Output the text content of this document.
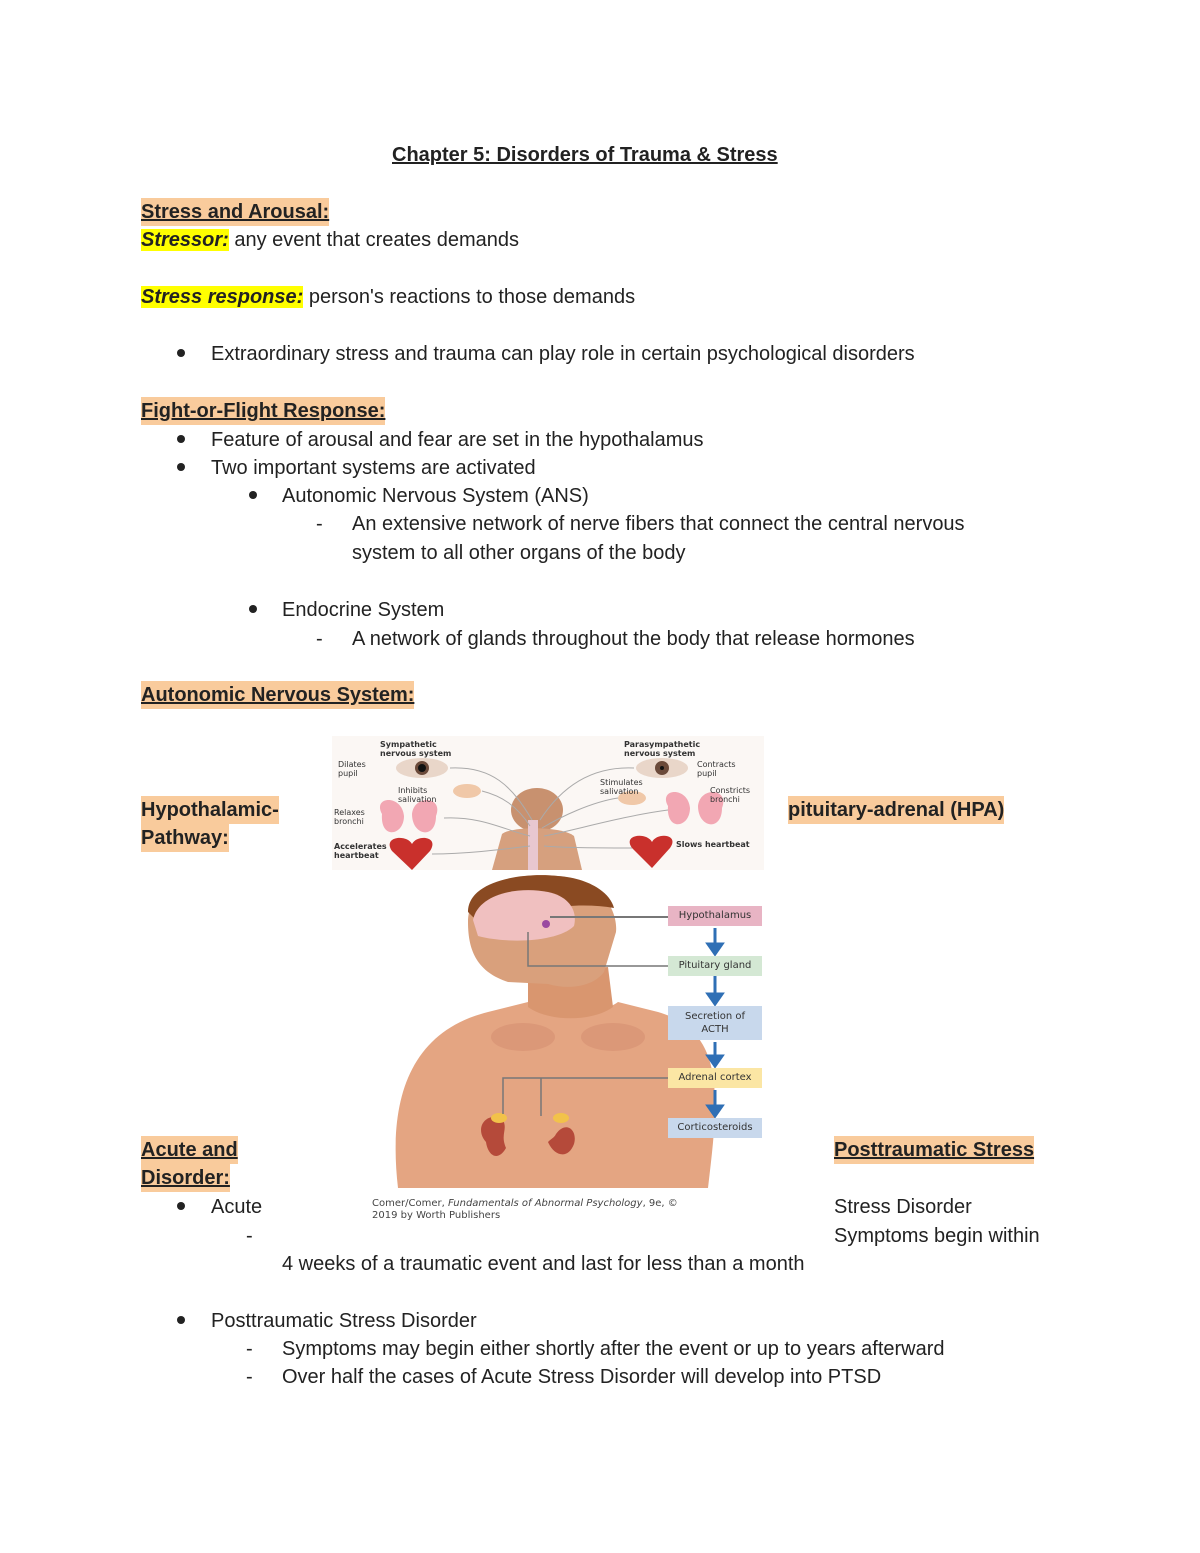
Chapter 5: Disorders of Trauma & Stress
Stress and Arousal:
Stressor: any event that creates demands
Stress response: person's reactions to those demands
Extraordinary stress and trauma can play role in certain psychological disorders
Fight-or-Flight Response:
Feature of arousal and fear are set in the hypothalamus
Two important systems are activated
Autonomic Nervous System (ANS)
- An extensive network of nerve fibers that connect the central nervous
system to all other organs of the body
Endocrine System
- A network of glands throughout the body that release hormones
Autonomic Nervous System:
Hypothalamic-
Pathway:
pituitary-adrenal (HPA)
Sympathetic
nervous system
Parasympathetic
nervous system
Dilates
pupil
Inhibits
salivation
Relaxes
bronchi
Accelerates
heartbeat
Contracts
pupil
Stimulates
salivation	Constricts
bronchi
Slows heartbeat
Hypothalamus
Pituitary gland
Secretion of
ACTH
Adrenal cortex
Corticosteroids
Comer/Comer, Fundamentals of Abnormal Psychology, 9e, ©
2019 by Worth Publishers
Acute and
Disorder:
Posttraumatic Stress
Acute	Stress Disorder
-	Symptoms begin within
4 weeks of a traumatic event and last for less than a month
Posttraumatic Stress Disorder
- Symptoms may begin either shortly after the event or up to years afterward
- Over half the cases of Acute Stress Disorder will develop into PTSD
